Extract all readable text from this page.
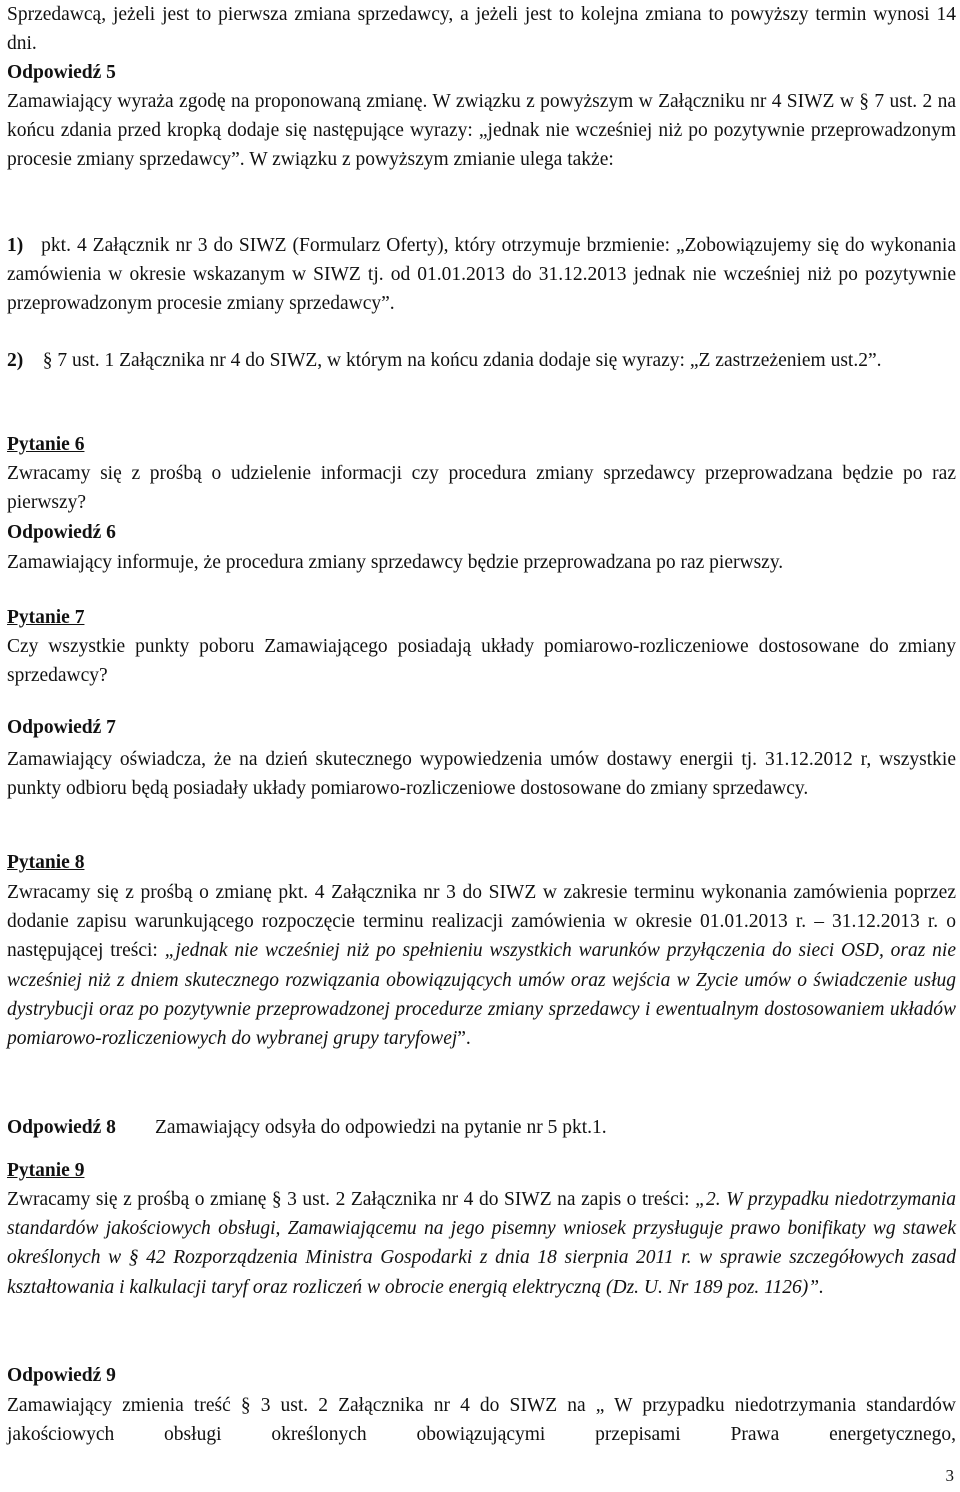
Sprzedawcą, jeżeli jest to pierwsza zmiana sprzedawcy, a jeżeli jest to kolejna zmiana to powyższy termin wynosi 14 dni.

Odpowiedź 5

Zamawiający wyraża zgodę na proponowaną zmianę. W związku z powyższym w Załączniku nr 4 SIWZ w § 7 ust. 2 na końcu zdania przed kropką dodaje się następujące wyrazy: „jednak nie wcześniej niż po pozytywnie przeprowadzonym procesie zmiany sprzedawcy”. W związku z powyższym zmianie ulega także:

1) pkt. 4 Załącznik nr 3 do SIWZ (Formularz Oferty), który otrzymuje brzmienie: „Zobowiązujemy się do wykonania zamówienia w okresie wskazanym w SIWZ tj. od 01.01.2013 do 31.12.2013 jednak nie wcześniej niż po pozytywnie przeprowadzonym procesie zmiany sprzedawcy”.

2) § 7 ust. 1 Załącznika nr 4 do SIWZ, w którym na końcu zdania dodaje się wyrazy: „Z zastrzeżeniem ust.2”.

Pytanie 6

Zwracamy się z prośbą o udzielenie informacji czy procedura zmiany sprzedawcy przeprowadzana będzie po raz pierwszy?

Odpowiedź 6

Zamawiający informuje, że procedura zmiany sprzedawcy będzie przeprowadzana po raz pierwszy.

Pytanie 7

Czy wszystkie punkty poboru Zamawiającego posiadają układy pomiarowo-rozliczeniowe dostosowane do zmiany sprzedawcy?

Odpowiedź 7

Zamawiający oświadcza, że na dzień skutecznego wypowiedzenia umów dostawy energii tj. 31.12.2012 r, wszystkie punkty odbioru będą posiadały układy pomiarowo-rozliczeniowe dostosowane do zmiany sprzedawcy.

Pytanie 8

Zwracamy się z prośbą o zmianę pkt. 4 Załącznika nr 3 do SIWZ w zakresie terminu wykonania zamówienia poprzez dodanie zapisu warunkującego rozpoczęcie terminu realizacji zamówienia w okresie 01.01.2013 r. – 31.12.2013 r. o następującej treści: „jednak nie wcześniej niż po spełnieniu wszystkich warunków przyłączenia do sieci OSD, oraz nie wcześniej niż z dniem skutecznego rozwiązania obowiązujących umów oraz wejścia w Zycie umów o świadczenie usług dystrybucji oraz po pozytywnie przeprowadzonej procedurze zmiany sprzedawcy i ewentualnym dostosowaniem układów pomiarowo-rozliczeniowych do wybranej grupy taryfowej”.

Odpowiedź 8 Zamawiający odsyła do odpowiedzi na pytanie nr 5 pkt.1.
Pytanie 9

Zwracamy się z prośbą o zmianę § 3 ust. 2 Załącznika nr 4 do SIWZ na zapis o treści: „2. W przypadku niedotrzymania standardów jakościowych obsługi, Zamawiającemu na jego pisemny wniosek przysługuje prawo bonifikaty wg stawek określonych w § 42 Rozporządzenia Ministra Gospodarki z dnia 18 sierpnia 2011 r. w sprawie szczegółowych zasad kształtowania i kalkulacji taryf oraz rozliczeń w obrocie energią elektryczną (Dz. U. Nr 189 poz. 1126)”.

Odpowiedź 9

Zamawiający zmienia treść § 3 ust. 2 Załącznika nr 4 do SIWZ na „ W przypadku niedotrzymania standardów jakościowych obsługi określonych obowiązującymi przepisami Prawa energetycznego,

3
